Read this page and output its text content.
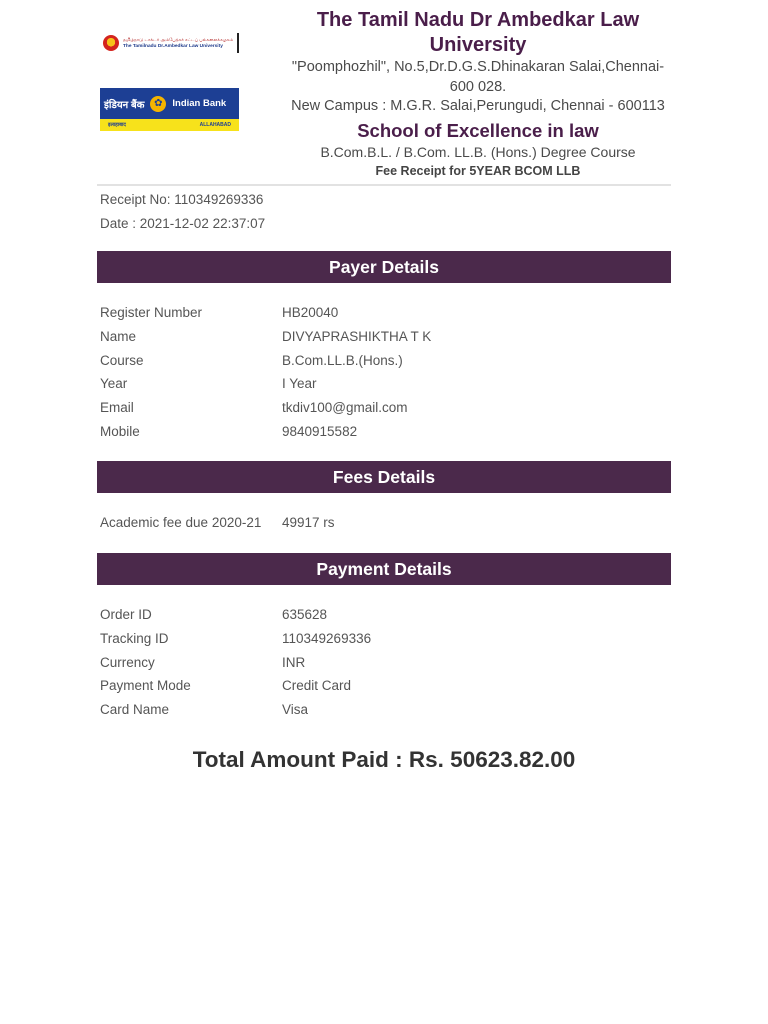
தமிழ்நாடு டாக்டர் அம்பேத்கர் சட்டப் பல்கலைக்கழகம்
The Tamilnadu Dr.Ambedkar Law University
इंडियन बैंक ✿	Indian Bank
इलाहाबाद	ALLAHABAD
The Tamil Nadu Dr Ambedkar Law University
"Poomphozhil", No.5,Dr.D.G.S.Dhinakaran Salai,Chennai-600 028.
New Campus : M.G.R. Salai,Perungudi, Chennai - 600113
School of Excellence in law
B.Com.B.L. / B.Com. LL.B. (Hons.) Degree Course
Fee Receipt for 5YEAR BCOM LLB
Receipt No: 110349269336
Date : 2021-12-02 22:37:07
Payer Details
Register Number	HB20040
Name	DIVYAPRASHIKTHA T K
Course	B.Com.LL.B.(Hons.)
Year	I Year
Email	tkdiv100@gmail.com
Mobile	9840915582
Fees Details
Academic fee due 2020-21	49917 rs
Payment Details
Order ID	635628
Tracking ID	110349269336
Currency	INR
Payment Mode	Credit Card
Card Name	Visa
Total Amount Paid : Rs. 50623.82.00
